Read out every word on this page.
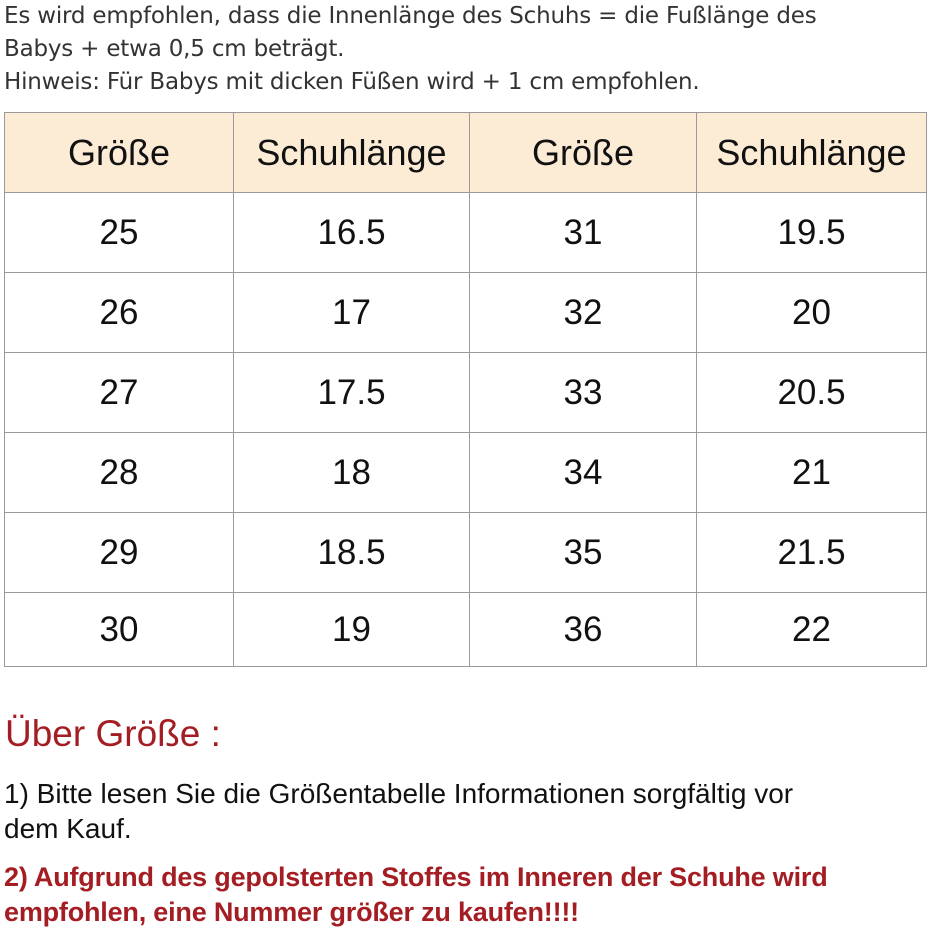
Es wird empfohlen, dass die Innenlänge des Schuhs = die Fußlänge des
Babys + etwa 0,5 cm beträgt.
Hinweis: Für Babys mit dicken Füßen wird + 1 cm empfohlen.
Größe	Schuhlänge	Größe	Schuhlänge
25	16.5	31	19.5
26	17	32	20
27	17.5	33	20.5
28	18	34	21
29	18.5	35	21.5
30	19	36	22
Über Größe :
1) Bitte lesen Sie die Größentabelle Informationen sorgfältig vor
dem Kauf.
2) Aufgrund des gepolsterten Stoffes im Inneren der Schuhe wird
empfohlen, eine Nummer größer zu kaufen!!!!
